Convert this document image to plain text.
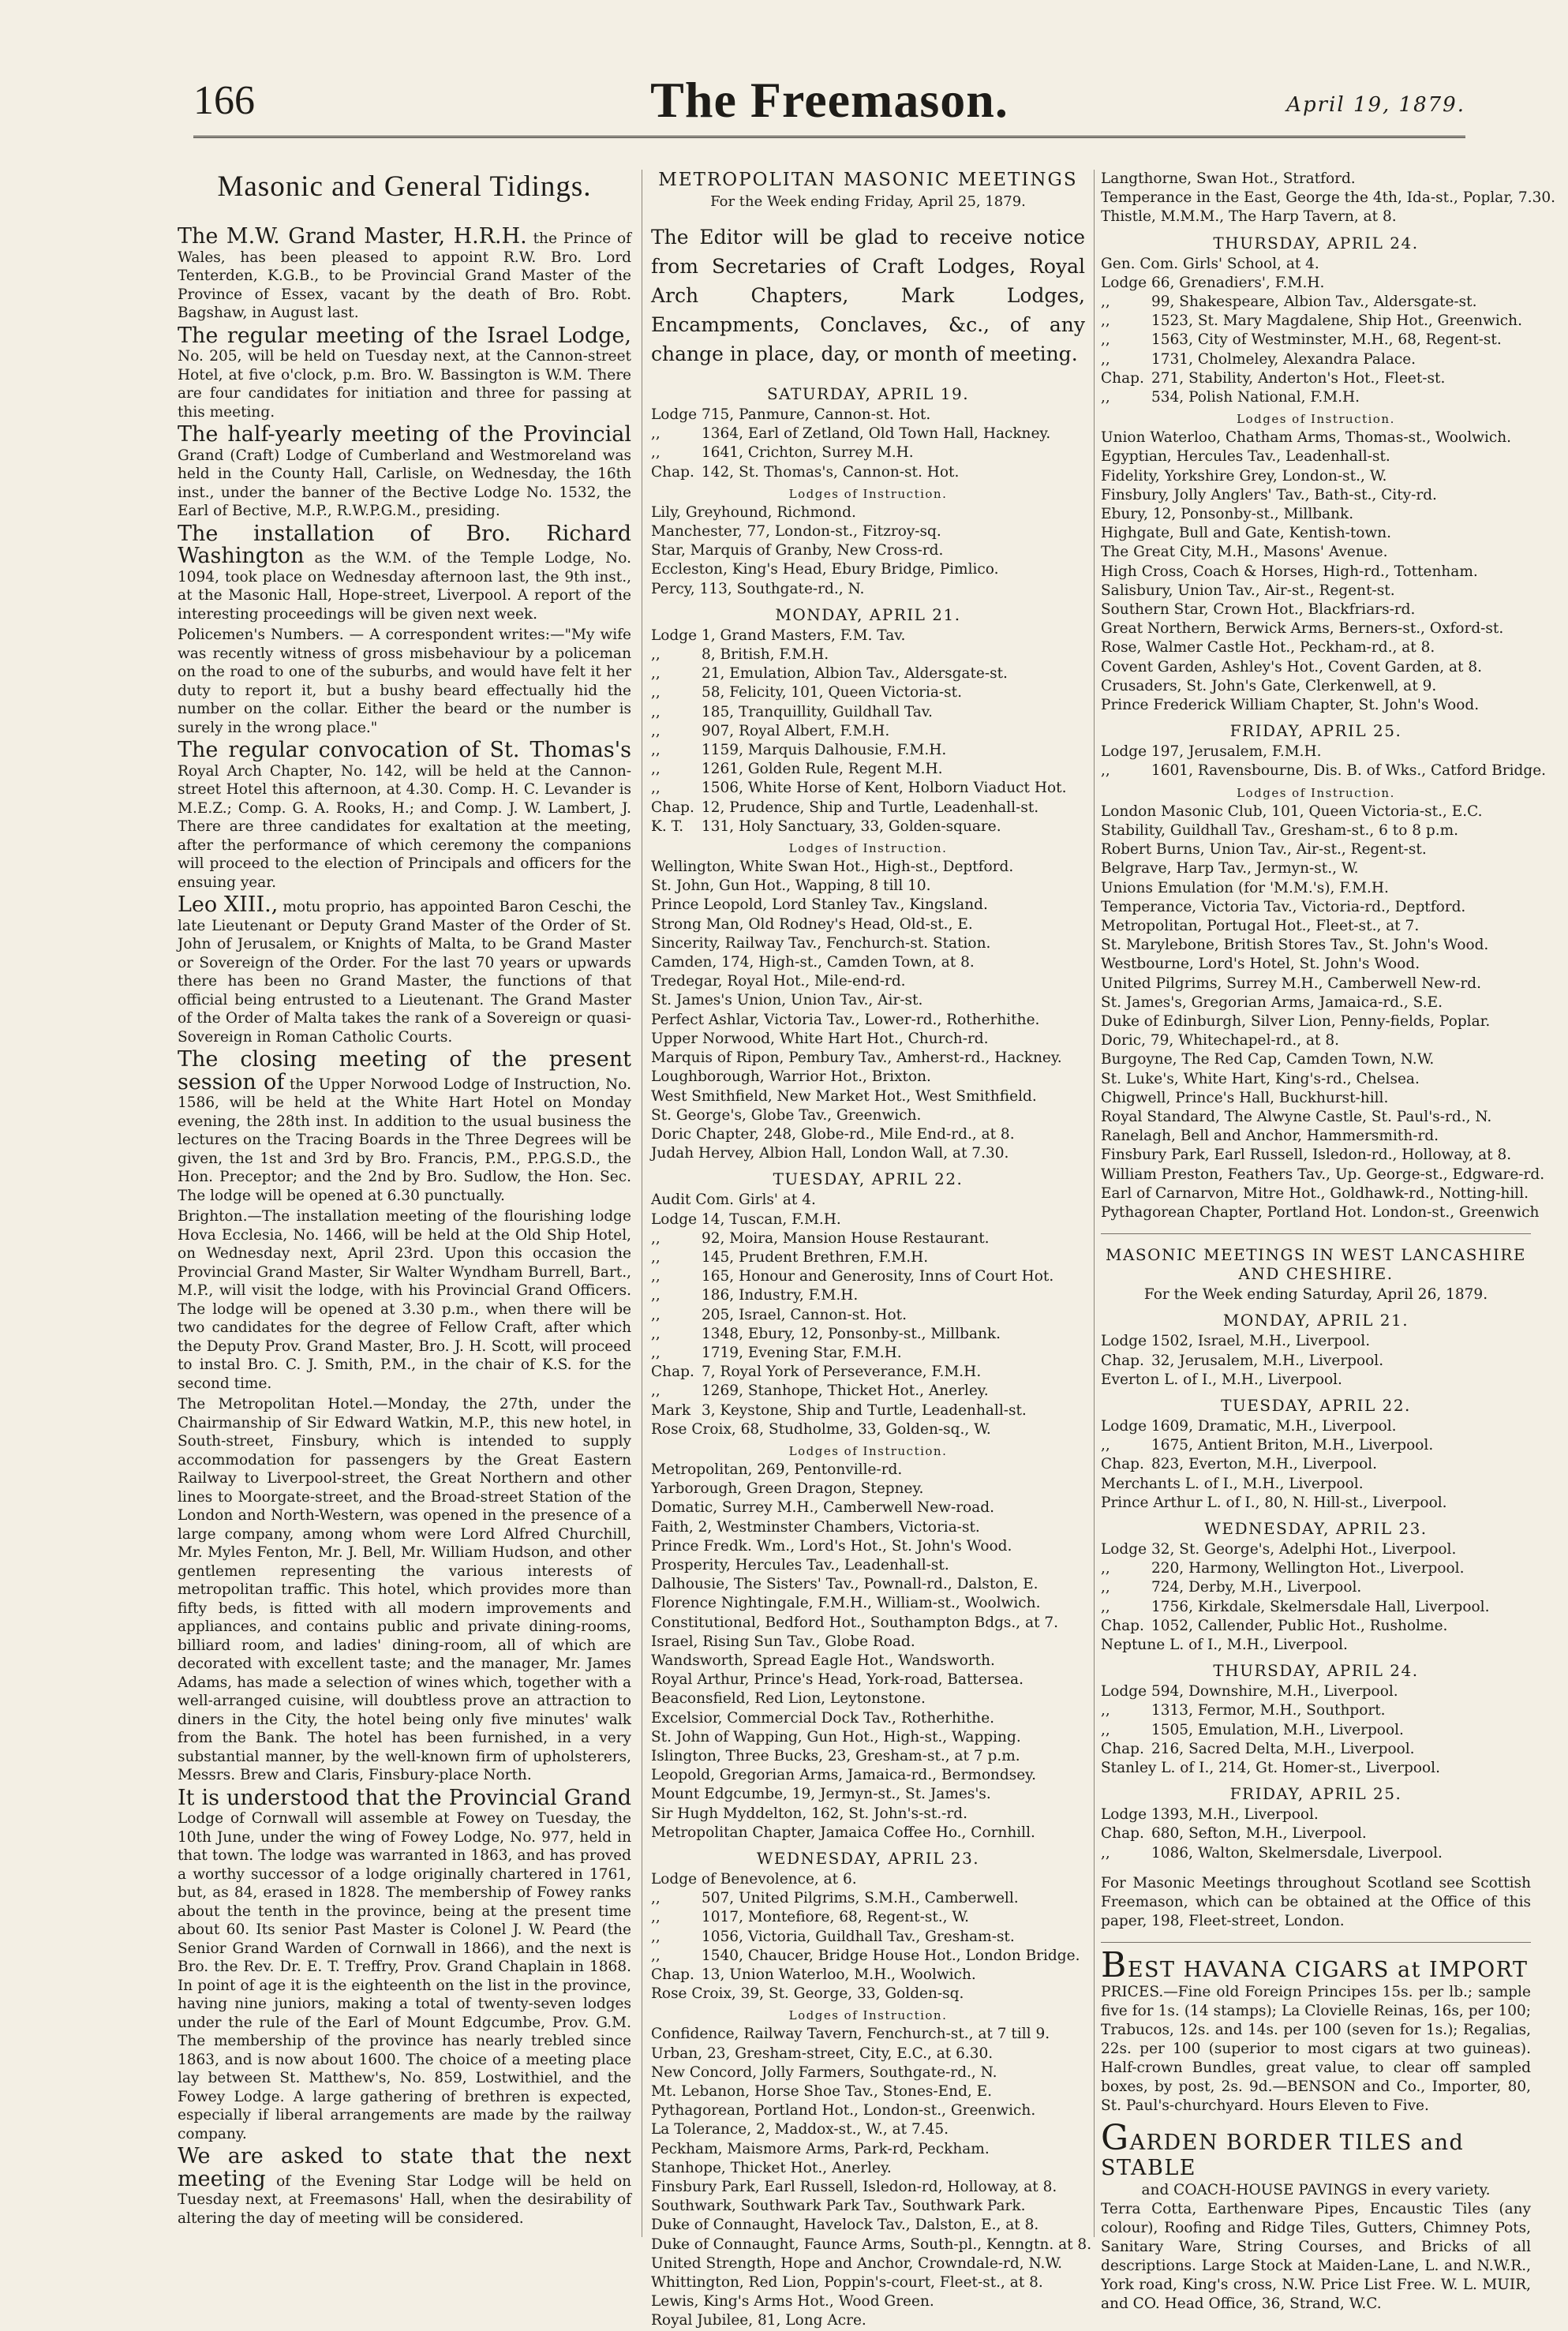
166	The Freemason.	April 19, 1879.
Masonic and General Tidings.

The M.W. Grand Master, H.R.H. the Prince of Wales, has been pleased to appoint R.W. Bro. Lord Tenterden, K.G.B., to be Provincial Grand Master of the Province of Essex, vacant by the death of Bro. Robt. Bagshaw, in August last.

The regular meeting of the Israel Lodge, No. 205, will be held on Tuesday next, at the Cannon-street Hotel, at five o'clock, p.m. Bro. W. Bassington is W.M. There are four candidates for initiation and three for passing at this meeting.

The half-yearly meeting of the Provincial Grand (Craft) Lodge of Cumberland and Westmoreland was held in the County Hall, Carlisle, on Wednesday, the 16th inst., under the banner of the Bective Lodge No. 1532, the Earl of Bective, M.P., R.W.P.G.M., presiding.

The installation of Bro. Richard Washington as the W.M. of the Temple Lodge, No. 1094, took place on Wednesday afternoon last, the 9th inst., at the Masonic Hall, Hope-street, Liverpool. A report of the interesting proceedings will be given next week.

Policemen's Numbers. — A correspondent writes:—"My wife was recently witness of gross misbehaviour by a policeman on the road to one of the suburbs, and would have felt it her duty to report it, but a bushy beard effectually hid the number on the collar. Either the beard or the number is surely in the wrong place."

The regular convocation of St. Thomas's Royal Arch Chapter, No. 142, will be held at the Cannon-street Hotel this afternoon, at 4.30. Comp. H. C. Levander is M.E.Z.; Comp. G. A. Rooks, H.; and Comp. J. W. Lambert, J. There are three candidates for exaltation at the meeting, after the performance of which ceremony the companions will proceed to the election of Principals and officers for the ensuing year.

Leo XIII., motu proprio, has appointed Baron Ceschi, the late Lieutenant or Deputy Grand Master of the Order of St. John of Jerusalem, or Knights of Malta, to be Grand Master or Sovereign of the Order. For the last 70 years or upwards there has been no Grand Master, the functions of that official being entrusted to a Lieutenant. The Grand Master of the Order of Malta takes the rank of a Sovereign or quasi-Sovereign in Roman Catholic Courts.

The closing meeting of the present session of the Upper Norwood Lodge of Instruction, No. 1586, will be held at the White Hart Hotel on Monday evening, the 28th inst. In addition to the usual business the lectures on the Tracing Boards in the Three Degrees will be given, the 1st and 3rd by Bro. Francis, P.M., P.P.G.S.D., the Hon. Preceptor; and the 2nd by Bro. Sudlow, the Hon. Sec. The lodge will be opened at 6.30 punctually.

Brighton.—The installation meeting of the flourishing lodge Hova Ecclesia, No. 1466, will be held at the Old Ship Hotel, on Wednesday next, April 23rd. Upon this occasion the Provincial Grand Master, Sir Walter Wyndham Burrell, Bart., M.P., will visit the lodge, with his Provincial Grand Officers. The lodge will be opened at 3.30 p.m., when there will be two candidates for the degree of Fellow Craft, after which the Deputy Prov. Grand Master, Bro. J. H. Scott, will proceed to instal Bro. C. J. Smith, P.M., in the chair of K.S. for the second time.

The Metropolitan Hotel.—Monday, the 27th, under the Chairmanship of Sir Edward Watkin, M.P., this new hotel, in South-street, Finsbury, which is intended to supply accommodation for passengers by the Great Eastern Railway to Liverpool-street, the Great Northern and other lines to Moorgate-street, and the Broad-street Station of the London and North-Western, was opened in the presence of a large company, among whom were Lord Alfred Churchill, Mr. Myles Fenton, Mr. J. Bell, Mr. William Hudson, and other gentlemen representing the various interests of metropolitan traffic. This hotel, which provides more than fifty beds, is fitted with all modern improvements and appliances, and contains public and private dining-rooms, billiard room, and ladies' dining-room, all of which are decorated with excellent taste; and the manager, Mr. James Adams, has made a selection of wines which, together with a well-arranged cuisine, will doubtless prove an attraction to diners in the City, the hotel being only five minutes' walk from the Bank. The hotel has been furnished, in a very substantial manner, by the well-known firm of upholsterers, Messrs. Brew and Claris, Finsbury-place North.

It is understood that the Provincial Grand Lodge of Cornwall will assemble at Fowey on Tuesday, the 10th June, under the wing of Fowey Lodge, No. 977, held in that town. The lodge was warranted in 1863, and has proved a worthy successor of a lodge originally chartered in 1761, but, as 84, erased in 1828. The membership of Fowey ranks about the tenth in the province, being at the present time about 60. Its senior Past Master is Colonel J. W. Peard (the Senior Grand Warden of Cornwall in 1866), and the next is Bro. the Rev. Dr. E. T. Treffry, Prov. Grand Chaplain in 1868. In point of age it is the eighteenth on the list in the province, having nine juniors, making a total of twenty-seven lodges under the rule of the Earl of Mount Edgcumbe, Prov. G.M. The membership of the province has nearly trebled since 1863, and is now about 1600. The choice of a meeting place lay between St. Matthew's, No. 859, Lostwithiel, and the Fowey Lodge. A large gathering of brethren is expected, especially if liberal arrangements are made by the railway company.

We are asked to state that the next meeting of the Evening Star Lodge will be held on Tuesday next, at Freemasons' Hall, when the desirability of altering the day of meeting will be considered.

METROPOLITAN MASONIC MEETINGS
For the Week ending Friday, April 25, 1879.
The Editor will be glad to receive notice from Secretaries of Craft Lodges, Royal Arch Chapters, Mark Lodges, Encampments, Conclaves, &c., of any change in place, day, or month of meeting.
SATURDAY, APRIL 19.
Lodge 715, Panmure, Cannon-st. Hot.
,,	1364, Earl of Zetland, Old Town Hall, Hackney.
,,	1641, Crichton, Surrey M.H.
Chap. 142, St. Thomas's, Cannon-st. Hot.
Lodges of Instruction.
Lily, Greyhound, Richmond.
Manchester, 77, London-st., Fitzroy-sq.
Star, Marquis of Granby, New Cross-rd.
Eccleston, King's Head, Ebury Bridge, Pimlico.
Percy, 113, Southgate-rd., N.
MONDAY, APRIL 21.
Lodge 1, Grand Masters, F.M. Tav.
,,	8, British, F.M.H.
,,	21, Emulation, Albion Tav., Aldersgate-st.
,,	58, Felicity, 101, Queen Victoria-st.
,,	185, Tranquillity, Guildhall Tav.
,,	907, Royal Albert, F.M.H.
,,	1159, Marquis Dalhousie, F.M.H.
,,	1261, Golden Rule, Regent M.H.
,,	1506, White Horse of Kent, Holborn Viaduct Hot.
Chap. 12, Prudence, Ship and Turtle, Leadenhall-st.
K. T. 131, Holy Sanctuary, 33, Golden-square.
Lodges of Instruction.
Wellington, White Swan Hot., High-st., Deptford.
St. John, Gun Hot., Wapping, 8 till 10.
Prince Leopold, Lord Stanley Tav., Kingsland.
Strong Man, Old Rodney's Head, Old-st., E.
Sincerity, Railway Tav., Fenchurch-st. Station.
Camden, 174, High-st., Camden Town, at 8.
Tredegar, Royal Hot., Mile-end-rd.
St. James's Union, Union Tav., Air-st.
Perfect Ashlar, Victoria Tav., Lower-rd., Rotherhithe.
Upper Norwood, White Hart Hot., Church-rd.
Marquis of Ripon, Pembury Tav., Amherst-rd., Hackney.
Loughborough, Warrior Hot., Brixton.
West Smithfield, New Market Hot., West Smithfield.
St. George's, Globe Tav., Greenwich.
Doric Chapter, 248, Globe-rd., Mile End-rd., at 8.
Judah Hervey, Albion Hall, London Wall, at 7.30.
TUESDAY, APRIL 22.
Audit Com. Girls' at 4.
Lodge 14, Tuscan, F.M.H.
,,	92, Moira, Mansion House Restaurant.
,,	145, Prudent Brethren, F.M.H.
,,	165, Honour and Generosity, Inns of Court Hot.
,,	186, Industry, F.M.H.
,,	205, Israel, Cannon-st. Hot.
,,	1348, Ebury, 12, Ponsonby-st., Millbank.
,,	1719, Evening Star, F.M.H.
Chap. 7, Royal York of Perseverance, F.M.H.
,,	1269, Stanhope, Thicket Hot., Anerley.
Mark 3, Keystone, Ship and Turtle, Leadenhall-st.
Rose Croix, 68, Studholme, 33, Golden-sq., W.
Lodges of Instruction.
Metropolitan, 269, Pentonville-rd.
Yarborough, Green Dragon, Stepney.
Domatic, Surrey M.H., Camberwell New-road.
Faith, 2, Westminster Chambers, Victoria-st.
Prince Fredk. Wm., Lord's Hot., St. John's Wood.
Prosperity, Hercules Tav., Leadenhall-st.
Dalhousie, The Sisters' Tav., Pownall-rd., Dalston, E.
Florence Nightingale, F.M.H., William-st., Woolwich.
Constitutional, Bedford Hot., Southampton Bdgs., at 7.
Israel, Rising Sun Tav., Globe Road.
Wandsworth, Spread Eagle Hot., Wandsworth.
Royal Arthur, Prince's Head, York-road, Battersea.
Beaconsfield, Red Lion, Leytonstone.
Excelsior, Commercial Dock Tav., Rotherhithe.
St. John of Wapping, Gun Hot., High-st., Wapping.
Islington, Three Bucks, 23, Gresham-st., at 7 p.m.
Leopold, Gregorian Arms, Jamaica-rd., Bermondsey.
Mount Edgcumbe, 19, Jermyn-st., St. James's.
Sir Hugh Myddelton, 162, St. John's-st.-rd.
Metropolitan Chapter, Jamaica Coffee Ho., Cornhill.
WEDNESDAY, APRIL 23.
Lodge of Benevolence, at 6.
,,	507, United Pilgrims, S.M.H., Camberwell.
,,	1017, Montefiore, 68, Regent-st., W.
,,	1056, Victoria, Guildhall Tav., Gresham-st.
,,	1540, Chaucer, Bridge House Hot., London Bridge.
Chap. 13, Union Waterloo, M.H., Woolwich.
Rose Croix, 39, St. George, 33, Golden-sq.
Lodges of Instruction.
Confidence, Railway Tavern, Fenchurch-st., at 7 till 9.
Urban, 23, Gresham-street, City, E.C., at 6.30.
New Concord, Jolly Farmers, Southgate-rd., N.
Mt. Lebanon, Horse Shoe Tav., Stones-End, E.
Pythagorean, Portland Hot., London-st., Greenwich.
La Tolerance, 2, Maddox-st., W., at 7.45.
Peckham, Maismore Arms, Park-rd, Peckham.
Stanhope, Thicket Hot., Anerley.
Finsbury Park, Earl Russell, Isledon-rd, Holloway, at 8.
Southwark, Southwark Park Tav., Southwark Park.
Duke of Connaught, Havelock Tav., Dalston, E., at 8.
Duke of Connaught, Faunce Arms, South-pl., Kenngtn. at 8.
United Strength, Hope and Anchor, Crowndale-rd, N.W.
Whittington, Red Lion, Poppin's-court, Fleet-st., at 8.
Lewis, King's Arms Hot., Wood Green.
Royal Jubilee, 81, Long Acre.
Langthorne, Swan Hot., Stratford.
Temperance in the East, George the 4th, Ida-st., Poplar, 7.30.
Thistle, M.M.M., The Harp Tavern, at 8.
THURSDAY, APRIL 24.
Gen. Com. Girls' School, at 4.
Lodge 66, Grenadiers', F.M.H.
,,	99, Shakespeare, Albion Tav., Aldersgate-st.
,,	1523, St. Mary Magdalene, Ship Hot., Greenwich.
,,	1563, City of Westminster, M.H., 68, Regent-st.
,,	1731, Cholmeley, Alexandra Palace.
Chap. 271, Stability, Anderton's Hot., Fleet-st.
,,	534, Polish National, F.M.H.
Lodges of Instruction.
Union Waterloo, Chatham Arms, Thomas-st., Woolwich.
Egyptian, Hercules Tav., Leadenhall-st.
Fidelity, Yorkshire Grey, London-st., W.
Finsbury, Jolly Anglers' Tav., Bath-st., City-rd.
Ebury, 12, Ponsonby-st., Millbank.
Highgate, Bull and Gate, Kentish-town.
The Great City, M.H., Masons' Avenue.
High Cross, Coach & Horses, High-rd., Tottenham.
Salisbury, Union Tav., Air-st., Regent-st.
Southern Star, Crown Hot., Blackfriars-rd.
Great Northern, Berwick Arms, Berners-st., Oxford-st.
Rose, Walmer Castle Hot., Peckham-rd., at 8.
Covent Garden, Ashley's Hot., Covent Garden, at 8.
Crusaders, St. John's Gate, Clerkenwell, at 9.
Prince Frederick William Chapter, St. John's Wood.
FRIDAY, APRIL 25.
Lodge 197, Jerusalem, F.M.H.
,,	1601, Ravensbourne, Dis. B. of Wks., Catford Bridge.
Lodges of Instruction.
London Masonic Club, 101, Queen Victoria-st., E.C.
Stability, Guildhall Tav., Gresham-st., 6 to 8 p.m.
Robert Burns, Union Tav., Air-st., Regent-st.
Belgrave, Harp Tav., Jermyn-st., W.
Unions Emulation (for 'M.M.'s), F.M.H.
Temperance, Victoria Tav., Victoria-rd., Deptford.
Metropolitan, Portugal Hot., Fleet-st., at 7.
St. Marylebone, British Stores Tav., St. John's Wood.
Westbourne, Lord's Hotel, St. John's Wood.
United Pilgrims, Surrey M.H., Camberwell New-rd.
St. James's, Gregorian Arms, Jamaica-rd., S.E.
Duke of Edinburgh, Silver Lion, Penny-fields, Poplar.
Doric, 79, Whitechapel-rd., at 8.
Burgoyne, The Red Cap, Camden Town, N.W.
St. Luke's, White Hart, King's-rd., Chelsea.
Chigwell, Prince's Hall, Buckhurst-hill.
Royal Standard, The Alwyne Castle, St. Paul's-rd., N.
Ranelagh, Bell and Anchor, Hammersmith-rd.
Finsbury Park, Earl Russell, Isledon-rd., Holloway, at 8.
William Preston, Feathers Tav., Up. George-st., Edgware-rd.
Earl of Carnarvon, Mitre Hot., Goldhawk-rd., Notting-hill.
Pythagorean Chapter, Portland Hot. London-st., Greenwich
MASONIC MEETINGS IN WEST LANCASHIRE AND CHESHIRE.
For the Week ending Saturday, April 26, 1879.
MONDAY, APRIL 21.
Lodge 1502, Israel, M.H., Liverpool.
Chap. 32, Jerusalem, M.H., Liverpool.
Everton L. of I., M.H., Liverpool.
TUESDAY, APRIL 22.
Lodge 1609, Dramatic, M.H., Liverpool.
,,	1675, Antient Briton, M.H., Liverpool.
Chap. 823, Everton, M.H., Liverpool.
Merchants L. of I., M.H., Liverpool.
Prince Arthur L. of I., 80, N. Hill-st., Liverpool.
WEDNESDAY, APRIL 23.
Lodge 32, St. George's, Adelphi Hot., Liverpool.
,,	220, Harmony, Wellington Hot., Liverpool.
,,	724, Derby, M.H., Liverpool.
,,	1756, Kirkdale, Skelmersdale Hall, Liverpool.
Chap. 1052, Callender, Public Hot., Rusholme.
Neptune L. of I., M.H., Liverpool.
THURSDAY, APRIL 24.
Lodge 594, Downshire, M.H., Liverpool.
,,	1313, Fermor, M.H., Southport.
,,	1505, Emulation, M.H., Liverpool.
Chap. 216, Sacred Delta, M.H., Liverpool.
Stanley L. of I., 214, Gt. Homer-st., Liverpool.
FRIDAY, APRIL 25.
Lodge 1393, M.H., Liverpool.
Chap. 680, Sefton, M.H., Liverpool.
,,	1086, Walton, Skelmersdale, Liverpool.
For Masonic Meetings throughout Scotland see Scottish Freemason, which can be obtained at the Office of this paper, 198, Fleet-street, London.
BEST HAVANA CIGARS at IMPORT
PRICES.—Fine old Foreign Principes 15s. per lb.; sample five for 1s. (14 stamps); La Clovielle Reinas, 16s, per 100; Trabucos, 12s. and 14s. per 100 (seven for 1s.); Regalias, 22s. per 100 (superior to most cigars at two guineas). Half-crown Bundles, great value, to clear off sampled boxes, by post, 2s. 9d.—BENSON and Co., Importer, 80, St. Paul's-churchyard. Hours Eleven to Five.
GARDEN BORDER TILES and STABLE
and COACH-HOUSE PAVINGS in every variety.
Terra Cotta, Earthenware Pipes, Encaustic Tiles (any colour), Roofing and Ridge Tiles, Gutters, Chimney Pots, Sanitary Ware, String Courses, and Bricks of all descriptions. Large Stock at Maiden-Lane, L. and N.W.R., York road, King's cross, N.W. Price List Free. W. L. MUIR, and CO. Head Office, 36, Strand, W.C.
